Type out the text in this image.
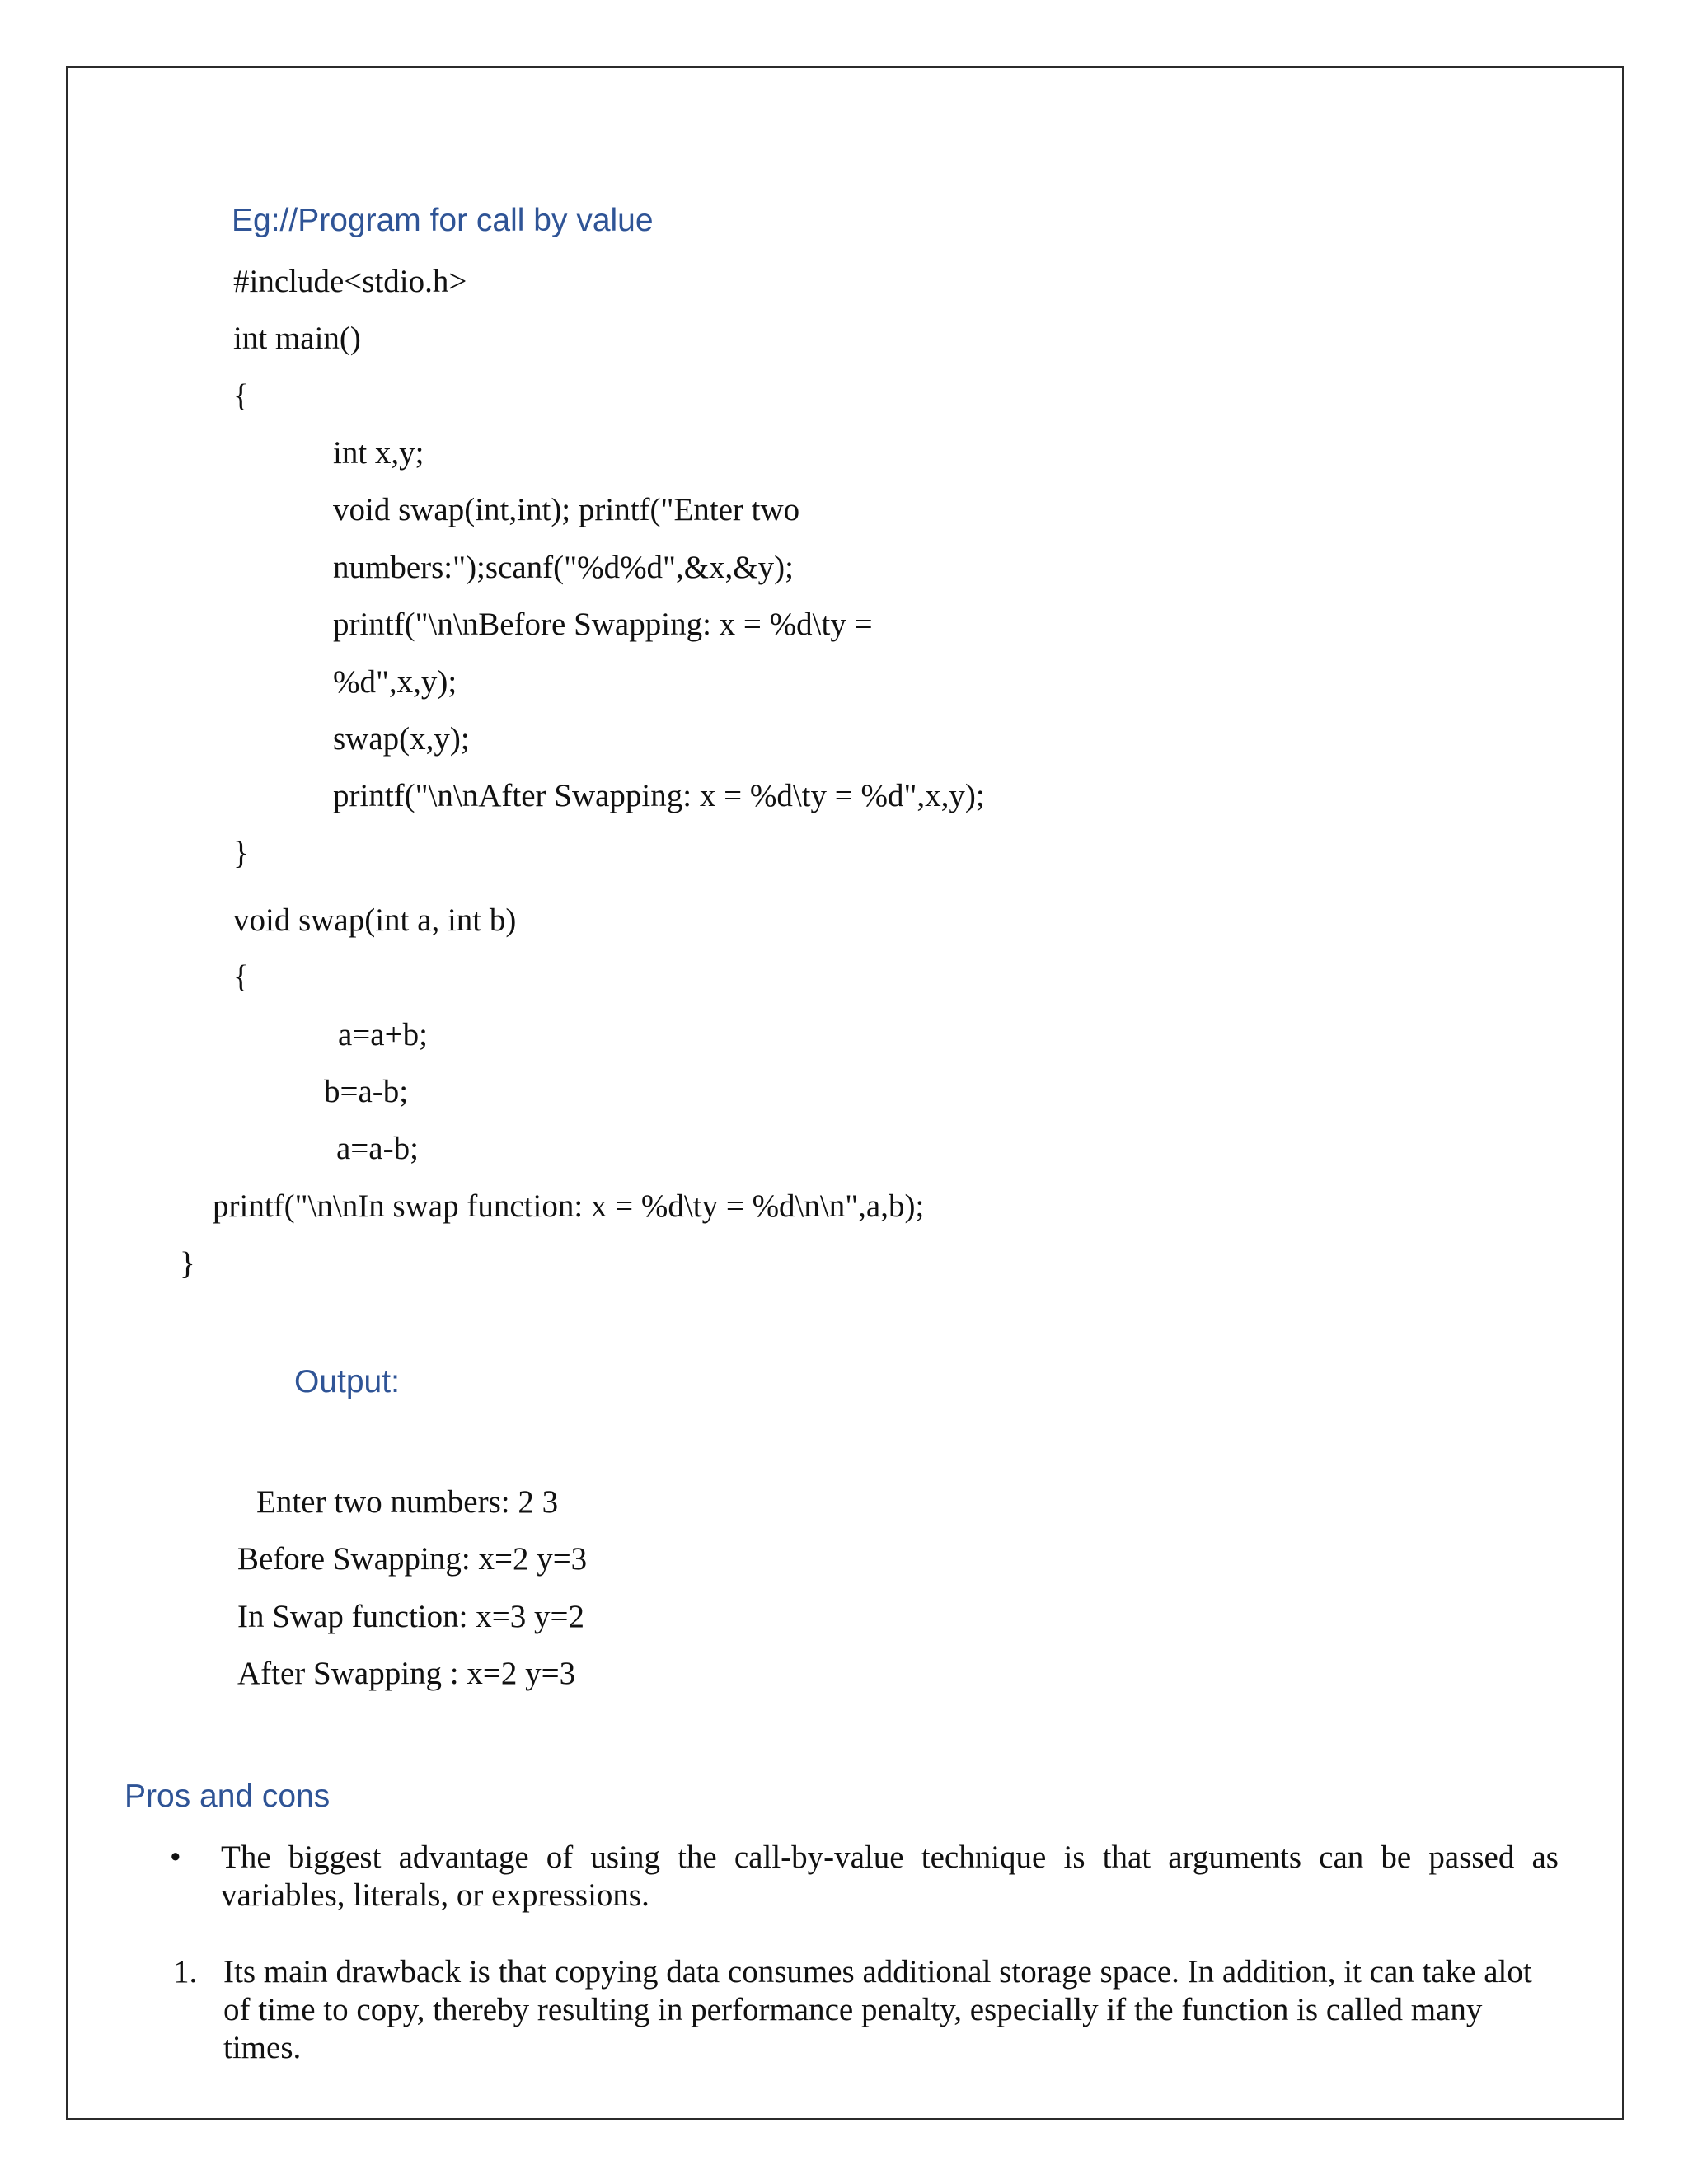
Eg://Program for call by value
#include<stdio.h>
int main()
{
int x,y;
void swap(int,int); printf("Enter two
numbers:");scanf("%d%d",&x,&y);
printf("\n\nBefore Swapping: x = %d\ty =
%d",x,y);
swap(x,y);
printf("\n\nAfter Swapping: x = %d\ty = %d",x,y);
}
void swap(int a, int b)
{
a=a+b;
b=a-b;
a=a-b;
printf("\n\nIn swap function: x = %d\ty = %d\n\n",a,b);
}
Output:
Enter two numbers: 2 3
Before Swapping: x=2 y=3
In Swap function: x=3 y=2
After Swapping : x=2 y=3
Pros and cons
• The biggest advantage of using the call-by-value technique is that arguments can be passed as variables, literals, or expressions.
1. Its main drawback is that copying data consumes additional storage space. In addition, it can take alot of time to copy, thereby resulting in performance penalty, especially if the function is called many times.
